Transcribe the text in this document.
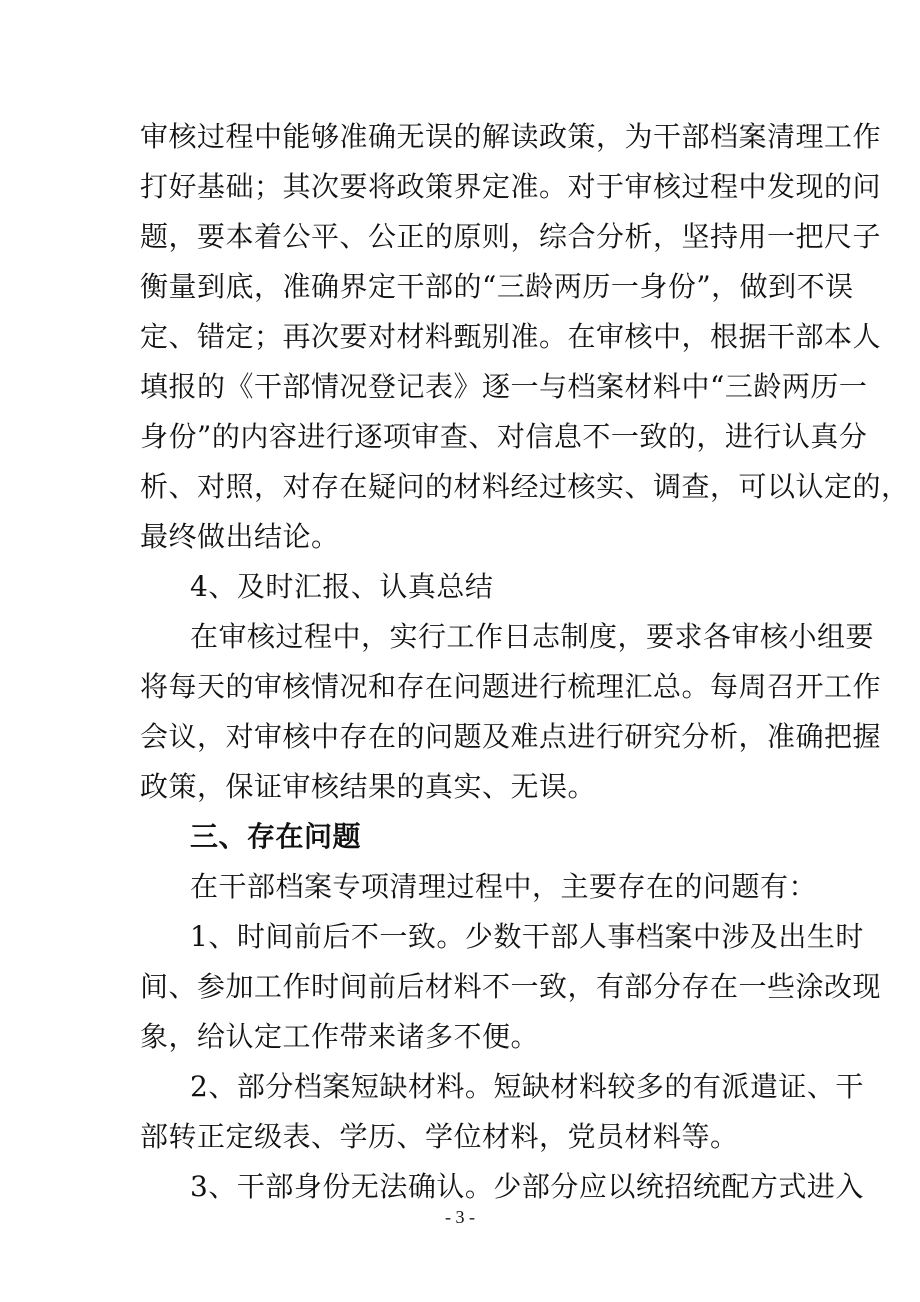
审核过程中能够准确无误的解读政策，为干部档案清理工作
打好基础；其次要将政策界定准。对于审核过程中发现的问
题，要本着公平、公正的原则，综合分析，坚持用一把尺子
衡量到底，准确界定干部的“三龄两历一身份”，做到不误
定、错定；再次要对材料甄别准。在审核中，根据干部本人
填报的《干部情况登记表》逐一与档案材料中“三龄两历一
身份”的内容进行逐项审查、对信息不一致的，进行认真分
析、对照，对存在疑问的材料经过核实、调查，可以认定的，
最终做出结论。
4、及时汇报、认真总结
在审核过程中，实行工作日志制度，要求各审核小组要
将每天的审核情况和存在问题进行梳理汇总。每周召开工作
会议，对审核中存在的问题及难点进行研究分析，准确把握
政策，保证审核结果的真实、无误。
三、存在问题
在干部档案专项清理过程中，主要存在的问题有：
1、时间前后不一致。少数干部人事档案中涉及出生时
间、参加工作时间前后材料不一致，有部分存在一些涂改现
象，给认定工作带来诸多不便。
2、部分档案短缺材料。短缺材料较多的有派遣证、干
部转正定级表、学历、学位材料，党员材料等。
3、干部身份无法确认。少部分应以统招统配方式进入
- 3 -
